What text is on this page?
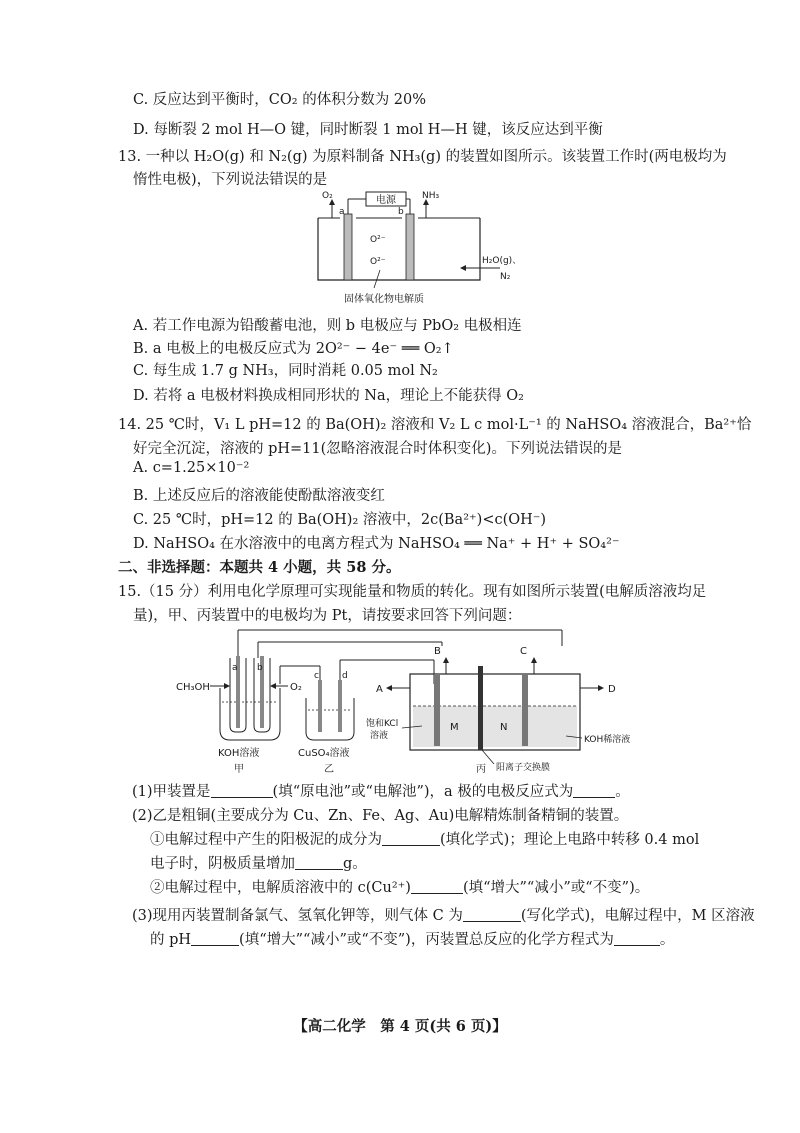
C. 反应达到平衡时，CO₂ 的体积分数为 20%
D. 每断裂 2 mol H—O 键，同时断裂 1 mol H—H 键，该反应达到平衡
13. 一种以 H₂O(g) 和 N₂(g) 为原料制备 NH₃(g) 的装置如图所示。该装置工作时(两电极均为
惰性电极)，下列说法错误的是
电源
a	b
O₂	NH₃
O²⁻
O²⁻	H₂O(g)、
N₂
固体氧化物电解质
A. 若工作电源为铅酸蓄电池，则 b 电极应与 PbO₂ 电极相连
B. a 电极上的电极反应式为 2O²⁻ − 4e⁻ ══ O₂↑
C. 每生成 1.7 g NH₃，同时消耗 0.05 mol N₂
D. 若将 a 电极材料换成相同形状的 Na，理论上不能获得 O₂
14. 25 ℃时，V₁ L pH=12 的 Ba(OH)₂ 溶液和 V₂ L c mol·L⁻¹ 的 NaHSO₄ 溶液混合，Ba²⁺恰
好完全沉淀，溶液的 pH=11(忽略溶液混合时体积变化)。下列说法错误的是
A. c=1.25×10⁻²
B. 上述反应后的溶液能使酚酞溶液变红
C. 25 ℃时，pH=12 的 Ba(OH)₂ 溶液中，2c(Ba²⁺)<c(OH⁻)
D. NaHSO₄ 在水溶液中的电离方程式为 NaHSO₄ ══ Na⁺ + H⁺ + SO₄²⁻
二、非选择题：本题共 4 小题，共 58 分。
15.（15 分）利用电化学原理可实现能量和物质的转化。现有如图所示装置(电解质溶液均足
量)，甲、丙装置中的电极均为 Pt，请按要求回答下列问题：
a b
CH₃OH	O₂
KOH溶液
甲
c	d
CuSO₄溶液
乙
B	C
A	D
M	N
饱和KCl
溶液	KOH稀溶液
阳离子交换膜
丙
(1)甲装置是	(填“原电池”或“电解池”)，a 极的电极反应式为	。
(2)乙是粗铜(主要成分为 Cu、Zn、Fe、Ag、Au)电解精炼制备精铜的装置。
①电解过程中产生的阳极泥的成分为	(填化学式)；理论上电路中转移 0.4 mol
电子时，阴极质量增加	g。
②电解过程中，电解质溶液中的 c(Cu²⁺)	(填“增大”“减小”或“不变”)。
(3)现用丙装置制备氯气、氢氧化钾等，则气体 C 为	(写化学式)，电解过程中，M 区溶液
的 pH	(填“增大”“减小”或“不变”)，丙装置总反应的化学方程式为	。
【高二化学　第 4 页(共 6 页)】
